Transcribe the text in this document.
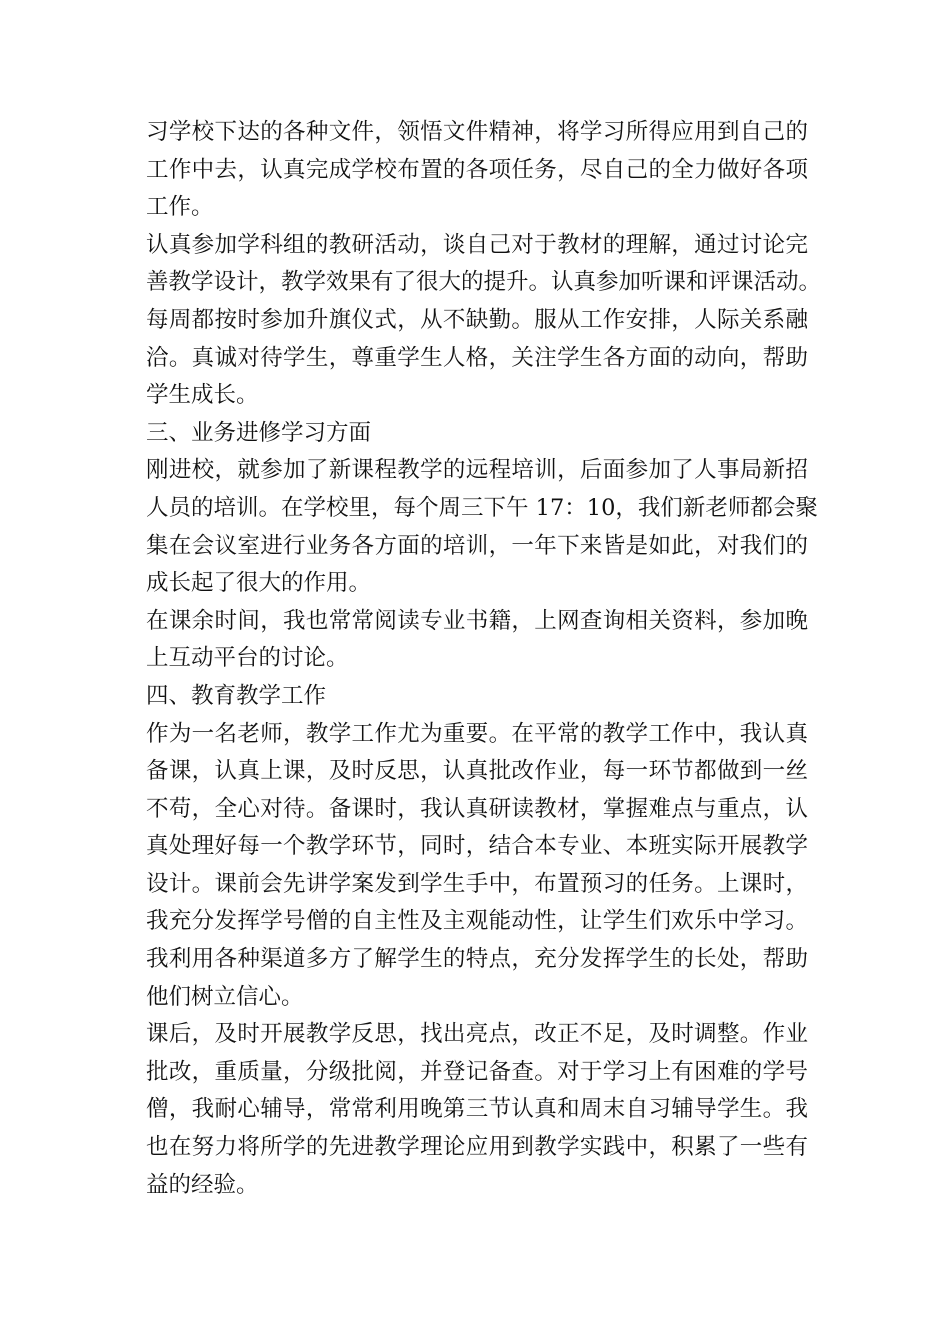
习学校下达的各种文件，领悟文件精神，将学习所得应用到自己的
工作中去，认真完成学校布置的各项任务，尽自己的全力做好各项
工作。
认真参加学科组的教研活动，谈自己对于教材的理解，通过讨论完
善教学设计，教学效果有了很大的提升。认真参加听课和评课活动。
每周都按时参加升旗仪式，从不缺勤。服从工作安排，人际关系融
洽。真诚对待学生，尊重学生人格，关注学生各方面的动向，帮助
学生成长。
三、业务进修学习方面
刚进校，就参加了新课程教学的远程培训，后面参加了人事局新招
人员的培训。在学校里，每个周三下午 17：10，我们新老师都会聚
集在会议室进行业务各方面的培训，一年下来皆是如此，对我们的
成长起了很大的作用。
在课余时间，我也常常阅读专业书籍，上网查询相关资料，参加晚
上互动平台的讨论。
四、教育教学工作
作为一名老师，教学工作尤为重要。在平常的教学工作中，我认真
备课，认真上课，及时反思，认真批改作业，每一环节都做到一丝
不苟，全心对待。备课时，我认真研读教材，掌握难点与重点，认
真处理好每一个教学环节，同时，结合本专业、本班实际开展教学
设计。课前会先讲学案发到学生手中，布置预习的任务。上课时，
我充分发挥学号僧的自主性及主观能动性，让学生们欢乐中学习。
我利用各种渠道多方了解学生的特点，充分发挥学生的长处，帮助
他们树立信心。
课后，及时开展教学反思，找出亮点，改正不足，及时调整。作业
批改，重质量，分级批阅，并登记备查。对于学习上有困难的学号
僧，我耐心辅导，常常利用晚第三节认真和周末自习辅导学生。我
也在努力将所学的先进教学理论应用到教学实践中，积累了一些有
益的经验。
